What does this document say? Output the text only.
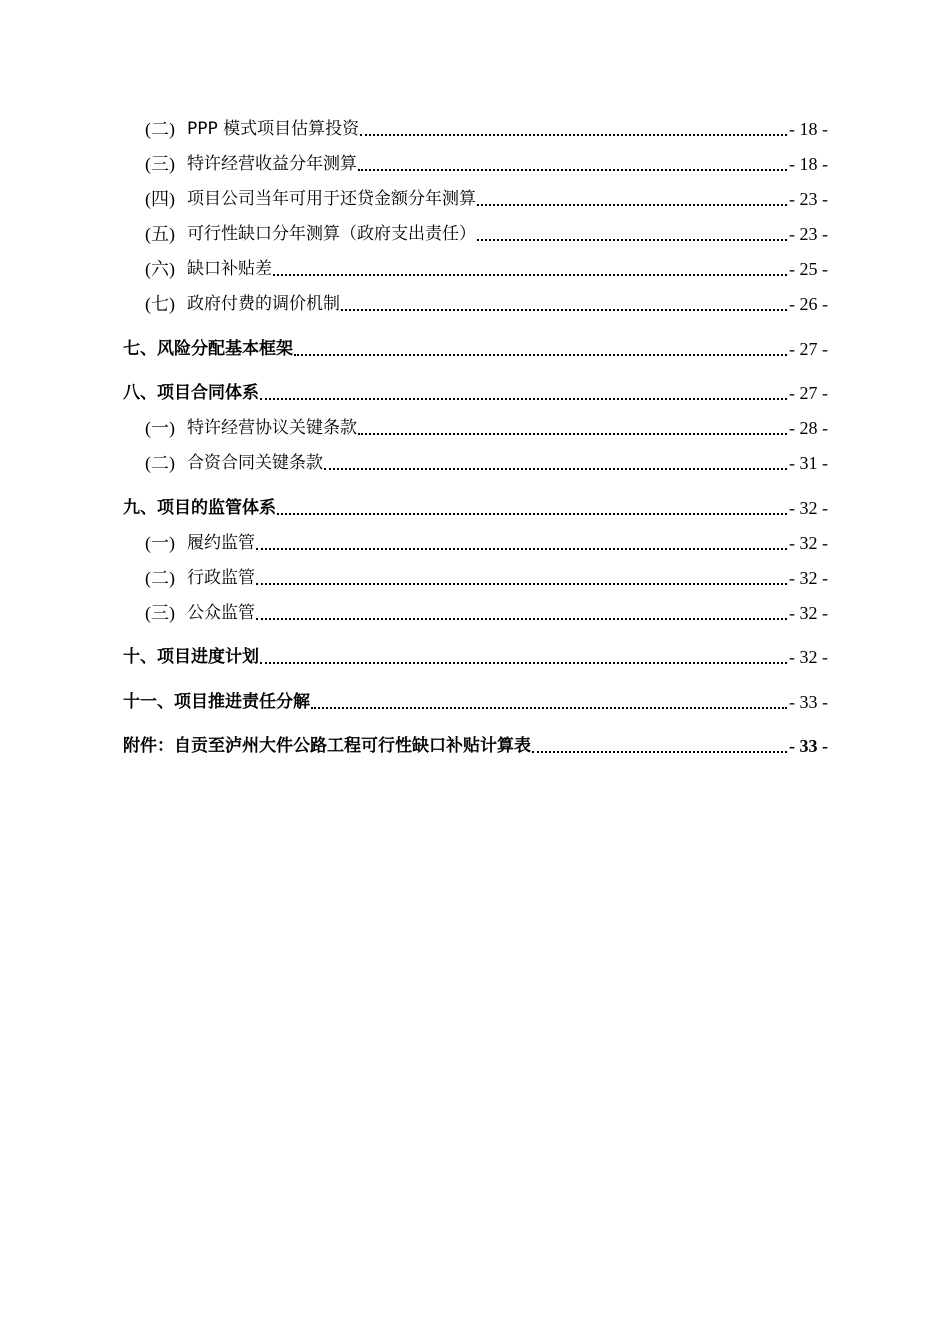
(二) PPP 模式项目估算投资	- 18 -
(三) 特许经营收益分年测算	- 18 -
(四) 项目公司当年可用于还贷金额分年测算	- 23 -
(五) 可行性缺口分年测算（政府支出责任）	- 23 -
(六) 缺口补贴差	- 25 -
(七) 政府付费的调价机制	- 26 -
七、风险分配基本框架	- 27 -
八、项目合同体系	- 27 -
(一) 特许经营协议关键条款	- 28 -
(二) 合资合同关键条款	- 31 -
九、项目的监管体系	- 32 -
(一) 履约监管	- 32 -
(二) 行政监管	- 32 -
(三) 公众监管	- 32 -
十、项目进度计划	- 32 -
十一、项目推进责任分解	- 33 -
附件：自贡至泸州大件公路工程可行性缺口补贴计算表	- 33 -
